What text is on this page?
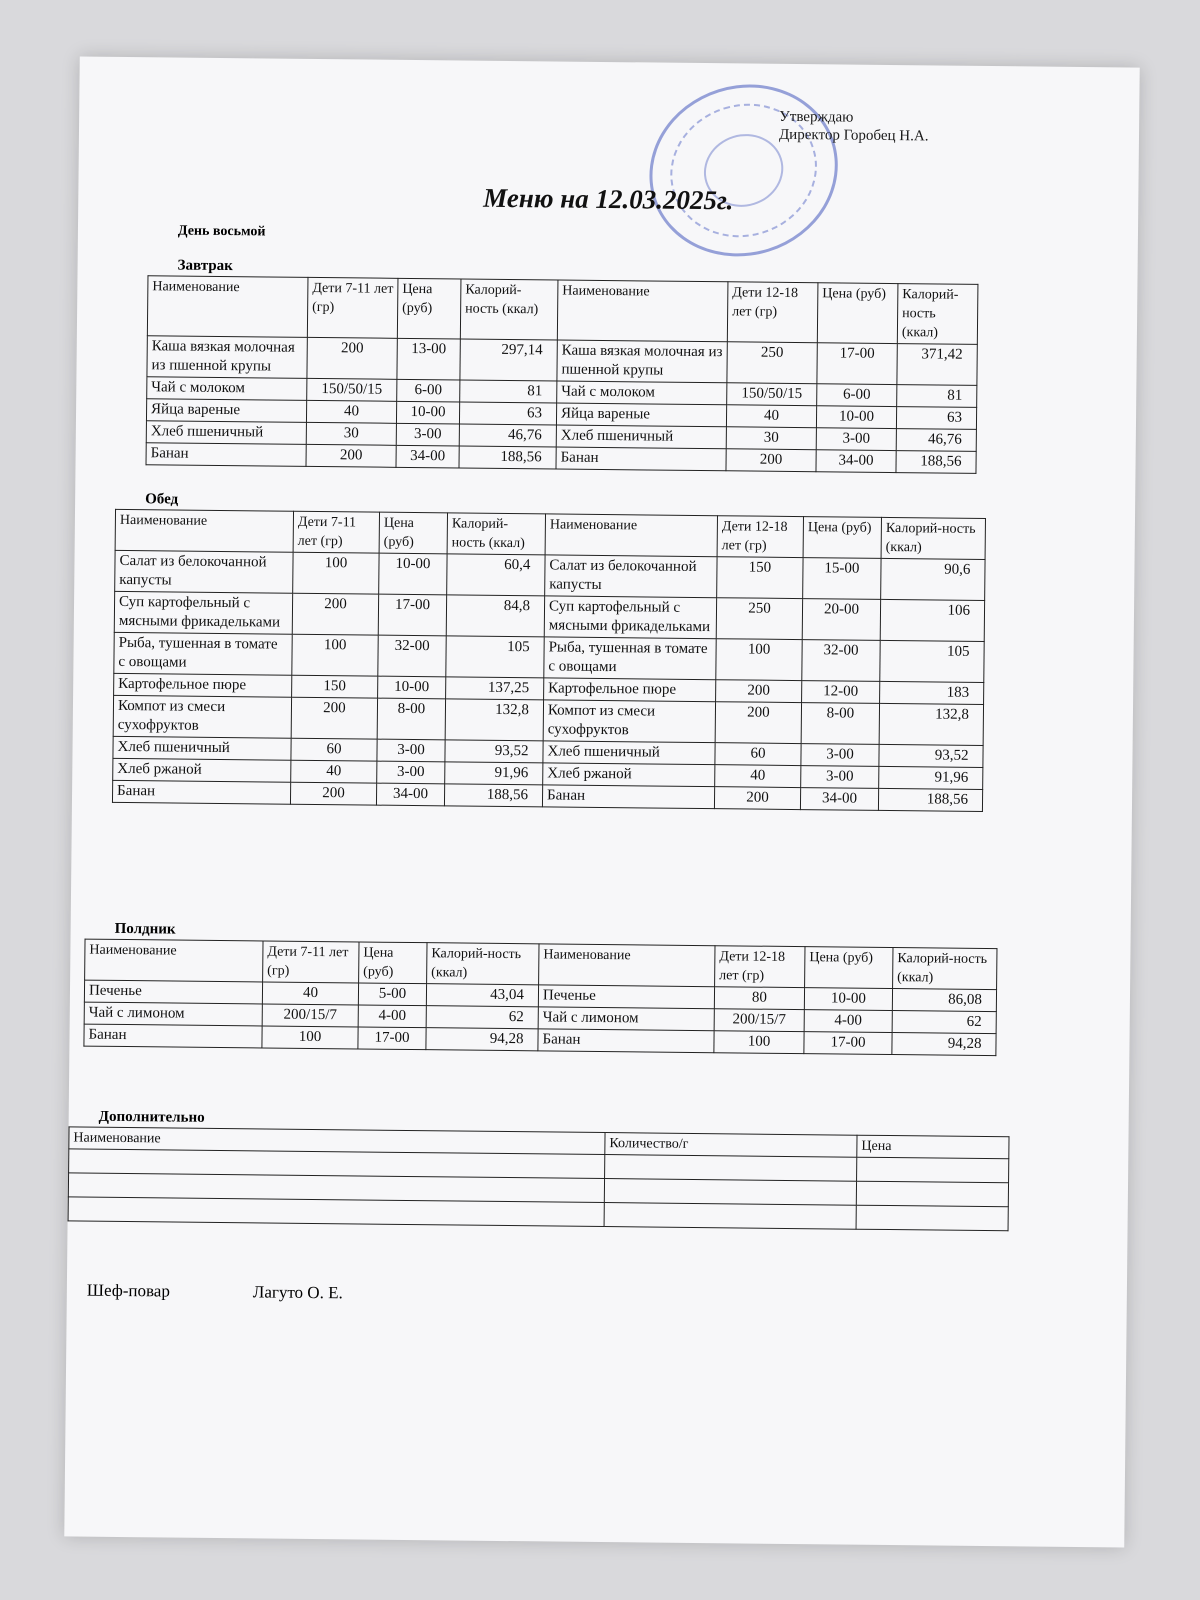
Утверждаю
Директор Горобец Н.А.
Меню на 12.03.2025г.
День восьмой
Завтрак
Наименование	Дети 7-11 лет (гр)	Цена (руб)	Калорий-ность (ккал)	Наименование	Дети 12-18 лет (гр)	Цена (руб)	Калорий-ность (ккал)
Каша вязкая молочная из пшенной крупы	200	13-00	297,14	Каша вязкая молочная из пшенной крупы	250	17-00	371,42
Чай с молоком	150/50/15	6-00	81	Чай с молоком	150/50/15	6-00	81
Яйца вареные	40	10-00	63	Яйца вареные	40	10-00	63
Хлеб пшеничный	30	3-00	46,76	Хлеб пшеничный	30	3-00	46,76
Банан	200	34-00	188,56	Банан	200	34-00	188,56
Обед
Наименование	Дети 7-11 лет (гр)	Цена (руб)	Калорий-ность (ккал)	Наименование	Дети 12-18 лет (гр)	Цена (руб)	Калорий-ность (ккал)
Салат из белокочанной капусты	100	10-00	60,4	Салат из белокочанной капусты	150	15-00	90,6
Суп картофельный с мясными фрикадельками	200	17-00	84,8	Суп картофельный с мясными фрикадельками	250	20-00	106
Рыба, тушенная в томате с овощами	100	32-00	105	Рыба, тушенная в томате с овощами	100	32-00	105
Картофельное пюре	150	10-00	137,25	Картофельное пюре	200	12-00	183
Компот из смеси сухофруктов	200	8-00	132,8	Компот из смеси сухофруктов	200	8-00	132,8
Хлеб пшеничный	60	3-00	93,52	Хлеб пшеничный	60	3-00	93,52
Хлеб ржаной	40	3-00	91,96	Хлеб ржаной	40	3-00	91,96
Банан	200	34-00	188,56	Банан	200	34-00	188,56
Полдник
Наименование	Дети 7-11 лет (гр)	Цена (руб)	Калорий-ность (ккал)	Наименование	Дети 12-18 лет (гр)	Цена (руб)	Калорий-ность (ккал)
Печенье	40	5-00	43,04	Печенье	80	10-00	86,08
Чай с лимоном	200/15/7	4-00	62	Чай с лимоном	200/15/7	4-00	62
Банан	100	17-00	94,28	Банан	100	17-00	94,28
Дополнительно
Наименование	Количество/г	Цена

Шеф-повар	Лагуто О. Е.
